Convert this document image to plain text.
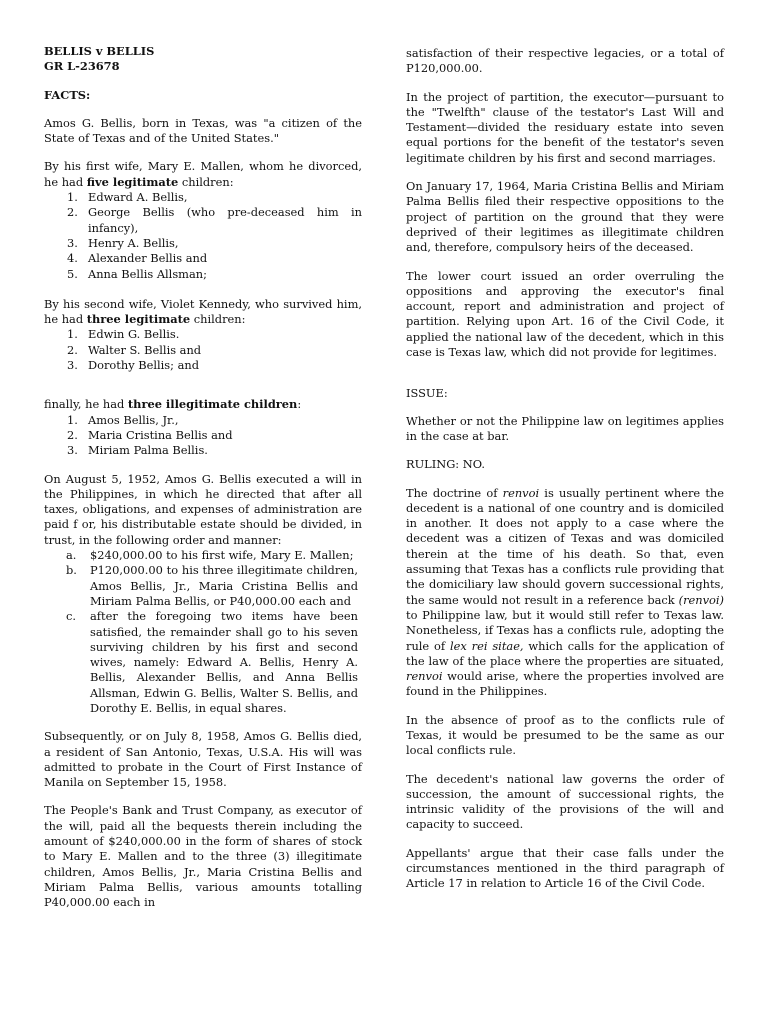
BELLIS v BELLIS
GR L-23678
FACTS:

Amos G. Bellis, born in Texas, was "a citizen of the State of Texas and of the United States."

By his first wife, Mary E. Mallen, whom he divorced, he had five legitimate children:

1. Edward A. Bellis,
2. George Bellis (who pre-deceased him in infancy),
3. Henry A. Bellis,
4. Alexander Bellis and
5. Anna Bellis Allsman;

By his second wife, Violet Kennedy, who survived him, he had three legitimate children:

1. Edwin G. Bellis.
2. Walter S. Bellis and
3. Dorothy Bellis; and

finally, he had three illegitimate children:

1. Amos Bellis, Jr.,
2. Maria Cristina Bellis and
3. Miriam Palma Bellis.

On August 5, 1952, Amos G. Bellis executed a will in the Philippines, in which he directed that after all taxes, obligations, and expenses of administration are paid f or, his distributable estate should be divided, in trust, in the following order and manner:

a. $240,000.00 to his first wife, Mary E. Mallen;
b. P120,000.00 to his three illegitimate children, Amos Bellis, Jr., Maria Cristina Bellis and Miriam Palma Bellis, or P40,000.00 each and
c. after the foregoing two items have been satisfied, the remainder shall go to his seven surviving children by his first and second wives, namely: Edward A. Bellis, Henry A. Bellis, Alexander Bellis, and Anna Bellis Allsman, Edwin G. Bellis, Walter S. Bellis, and Dorothy E. Bellis, in equal shares.

Subsequently, or on July 8, 1958, Amos G. Bellis died, a resident of San Antonio, Texas, U.S.A. His will was admitted to probate in the Court of First Instance of Manila on September 15, 1958.

The People's Bank and Trust Company, as executor of the will, paid all the bequests therein including the amount of $240,000.00 in the form of shares of stock to Mary E. Mallen and to the three (3) illegitimate children, Amos Bellis, Jr., Maria Cristina Bellis and Miriam Palma Bellis, various amounts totalling P40,000.00 each in

satisfaction of their respective legacies, or a total of P120,000.00.

In the project of partition, the executor—pursuant to the "Twelfth" clause of the testator's Last Will and Testament—divided the residuary estate into seven equal portions for the benefit of the testator's seven legitimate children by his first and second marriages.

On January 17, 1964, Maria Cristina Bellis and Miriam Palma Bellis filed their respective oppositions to the project of partition on the ground that they were deprived of their legitimes as illegitimate children and, therefore, compulsory heirs of the deceased.

The lower court issued an order overruling the oppositions and approving the executor's final account, report and administration and project of partition. Relying upon Art. 16 of the Civil Code, it applied the national law of the decedent, which in this case is Texas law, which did not provide for legitimes.

ISSUE:

Whether or not the Philippine law on legitimes applies in the case at bar.

RULING: NO.

The doctrine of renvoi is usually pertinent where the decedent is a national of one country and is domiciled in another. It does not apply to a case where the decedent was a citizen of Texas and was domiciled therein at the time of his death. So that, even assuming that Texas has a conflicts rule providing that the domiciliary law should govern successional rights, the same would not result in a reference back (renvoi) to Philippine law, but it would still refer to Texas law. Nonetheless, if Texas has a conflicts rule, adopting the rule of lex rei sitae, which calls for the application of the law of the place where the properties are situated, renvoi would arise, where the properties involved are found in the Philippines.

In the absence of proof as to the conflicts rule of Texas, it would be presumed to be the same as our local conflicts rule.

The decedent's national law governs the order of succession, the amount of successional rights, the intrinsic validity of the provisions of the will and capacity to succeed.

Appellants' argue that their case falls under the circumstances mentioned in the third paragraph of Article 17 in relation to Article 16 of the Civil Code.
